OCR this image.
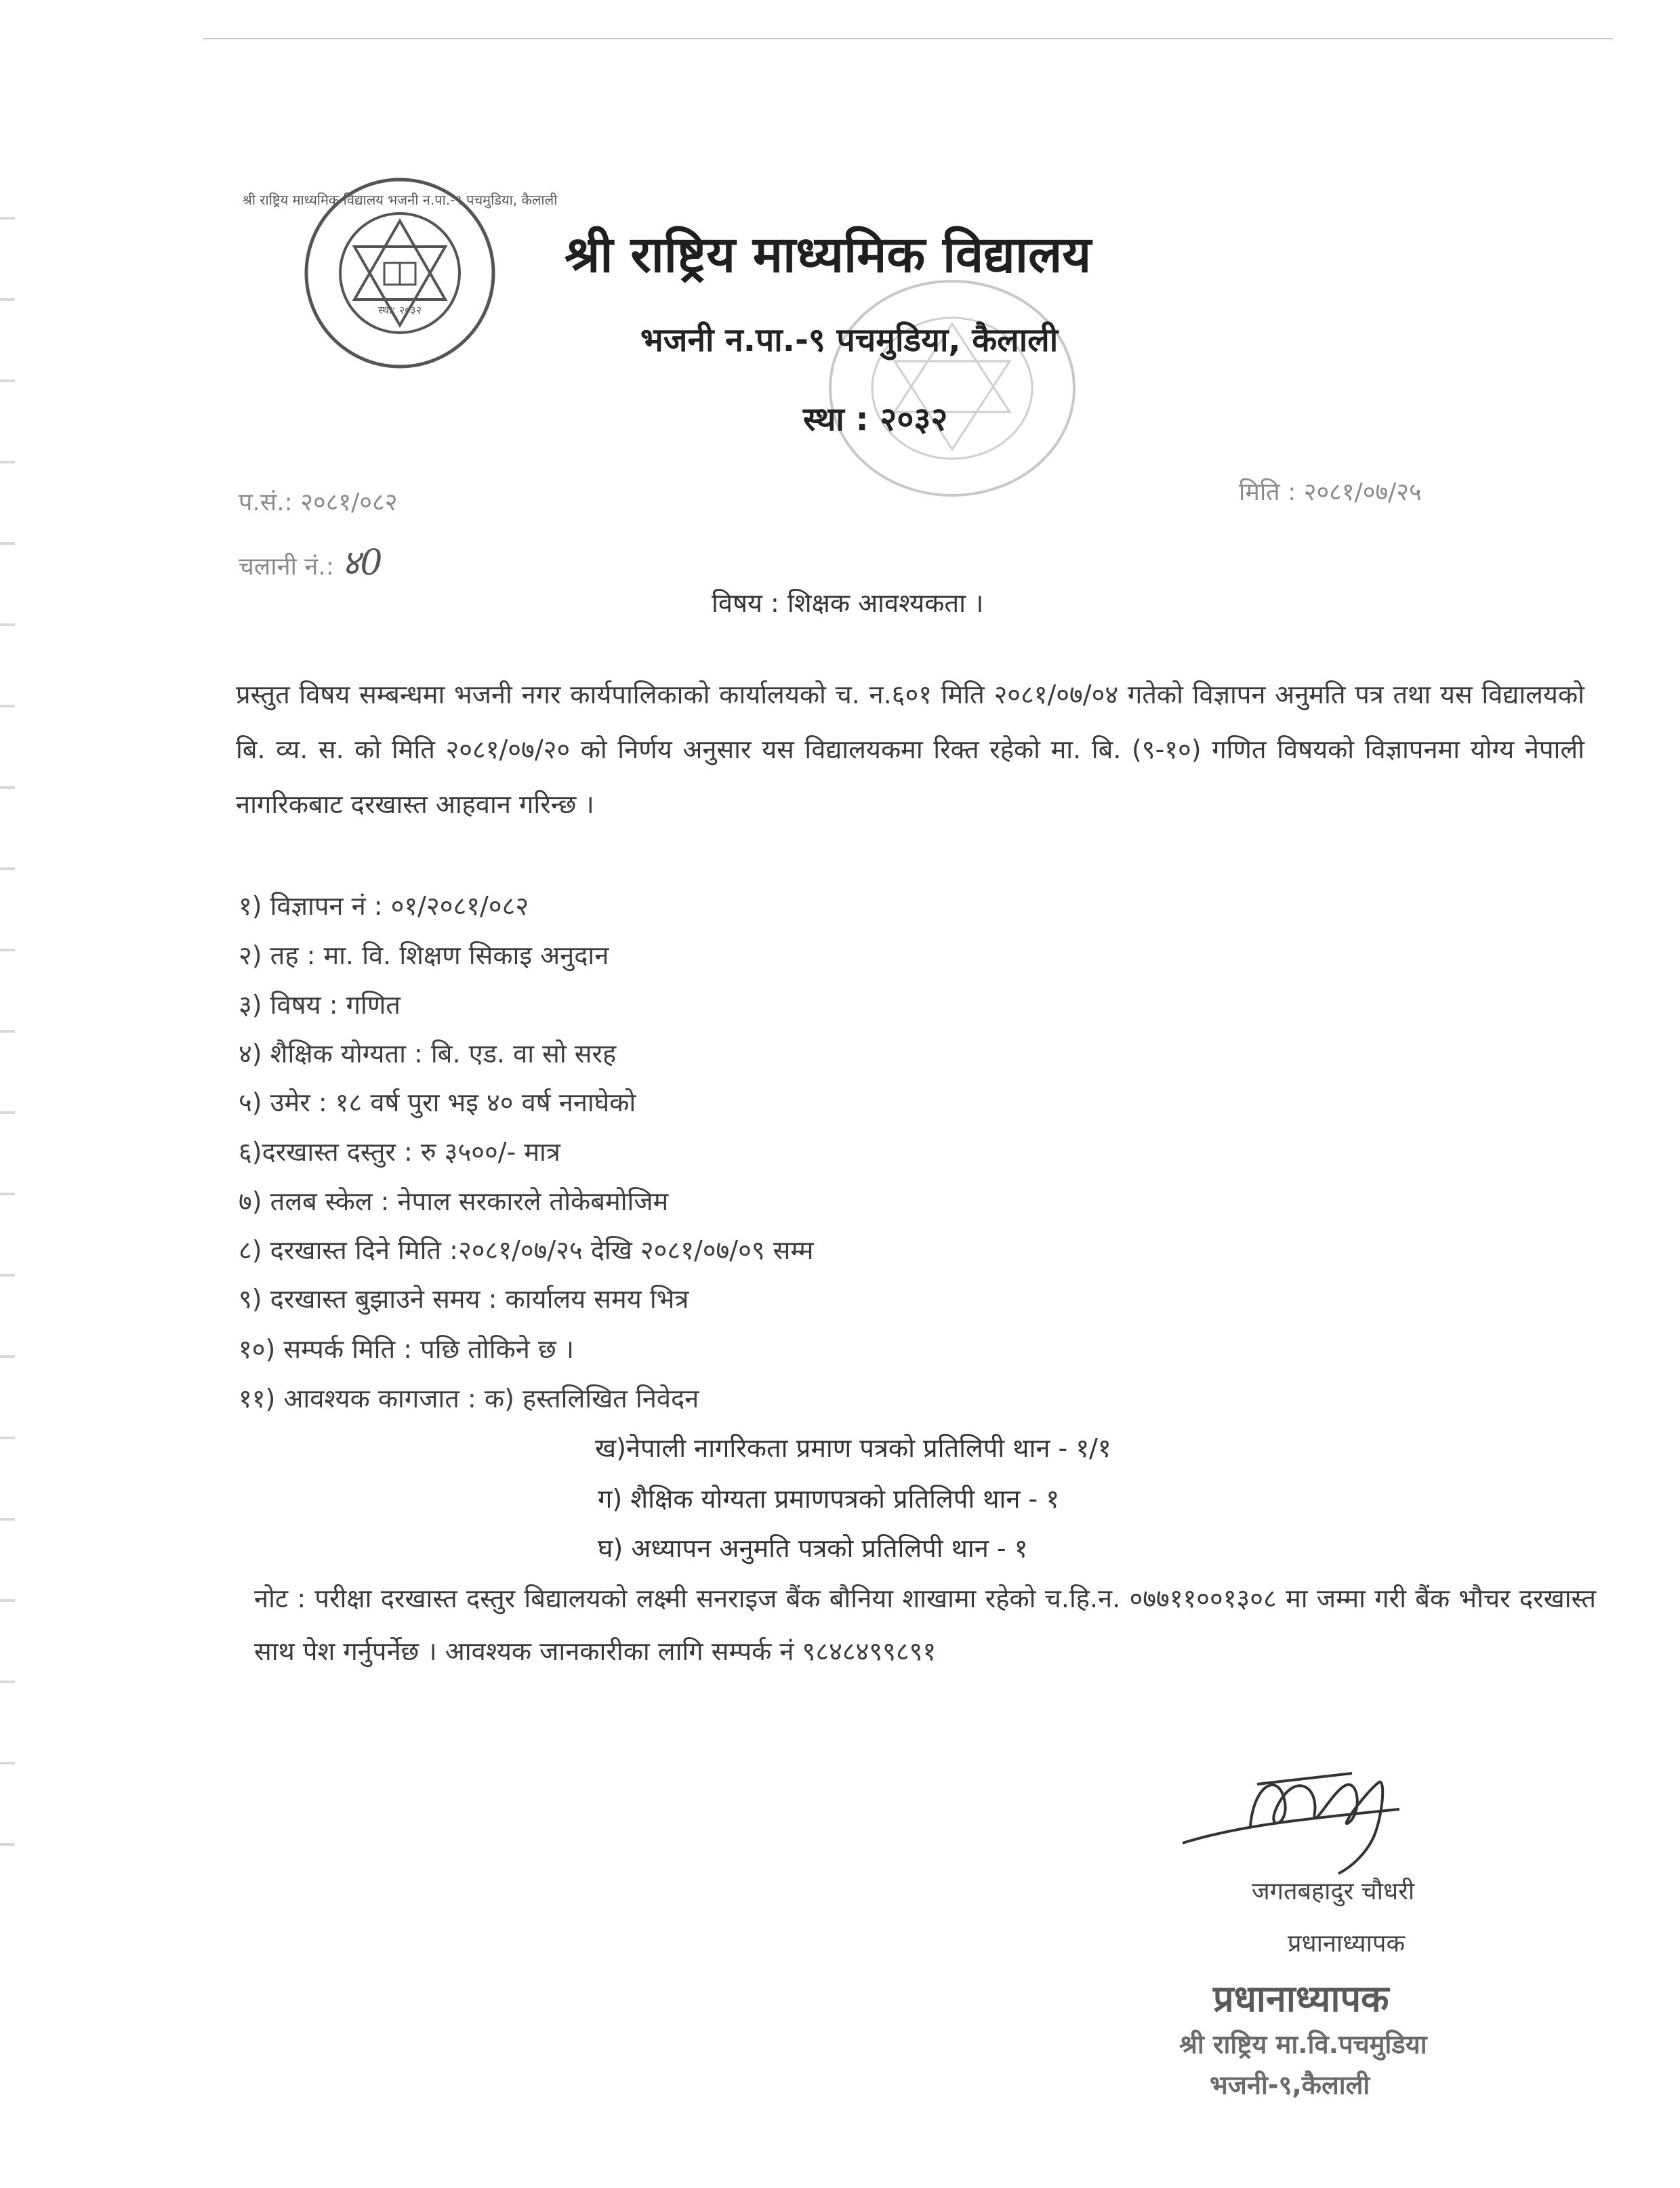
श्री राष्ट्रिय माध्यमिक विद्यालय भजनी न.पा.-९ पचमुडिया, कैलाली
स्था: २०३२
श्री राष्ट्रिय माध्यमिक विद्यालय
भजनी न.पा.-९ पचमुडिया, कैलाली
स्था : २०३२
प.सं.: २०८१/०८२
चलानी नं.: ४0
मिति : २०८१/०७/२५
विषय : शिक्षक आवश्यकता ।
प्रस्तुत विषय सम्बन्धमा भजनी नगर कार्यपालिकाको कार्यालयको च. न.६०१ मिति २०८१/०७/०४ गतेको विज्ञापन अनुमति पत्र तथा यस विद्यालयको बि. व्य. स. को मिति २०८१/०७/२० को निर्णय अनुसार यस विद्यालयकमा रिक्त रहेको मा. बि. (९-१०) गणित विषयको विज्ञापनमा योग्य नेपाली नागरिकबाट दरखास्त आहवान गरिन्छ ।
१) विज्ञापन नं : ०१/२०८१/०८२
२) तह : मा. वि. शिक्षण सिकाइ अनुदान
३) विषय : गणित
४) शैक्षिक योग्यता : बि. एड. वा सो सरह
५) उमेर : १८ वर्ष पुरा भइ ४० वर्ष ननाघेको
६)दरखास्त दस्तुर : रु ३५००/- मात्र
७) तलब स्केल : नेपाल सरकारले तोकेबमोजिम
८) दरखास्त दिने मिति :२०८१/०७/२५ देखि २०८१/०७/०९ सम्म
९) दरखास्त बुझाउने समय : कार्यालय समय भित्र
१०) सम्पर्क मिति : पछि तोकिने छ ।
११) आवश्यक कागजात : क) हस्तलिखित निवेदन
ख)नेपाली नागरिकता प्रमाण पत्रको प्रतिलिपी थान - १/१
ग) शैक्षिक योग्यता प्रमाणपत्रको प्रतिलिपी थान - १
घ) अध्यापन अनुमति पत्रको प्रतिलिपी थान - १
नोट : परीक्षा दरखास्त दस्तुर बिद्यालयको लक्ष्मी सनराइज बैंक बौनिया शाखामा रहेको च.हि.न. ०७७११००१३०८ मा जम्मा गरी बैंक भौचर दरखास्त साथ पेश गर्नुपर्नेछ । आवश्यक जानकारीका लागि सम्पर्क नं ९८४८४९९८९१
जगतबहादुर चौधरी
प्रधानाध्यापक
प्रधानाध्यापक
श्री राष्ट्रिय मा.वि.पचमुडिया
भजनी-९,कैलाली
